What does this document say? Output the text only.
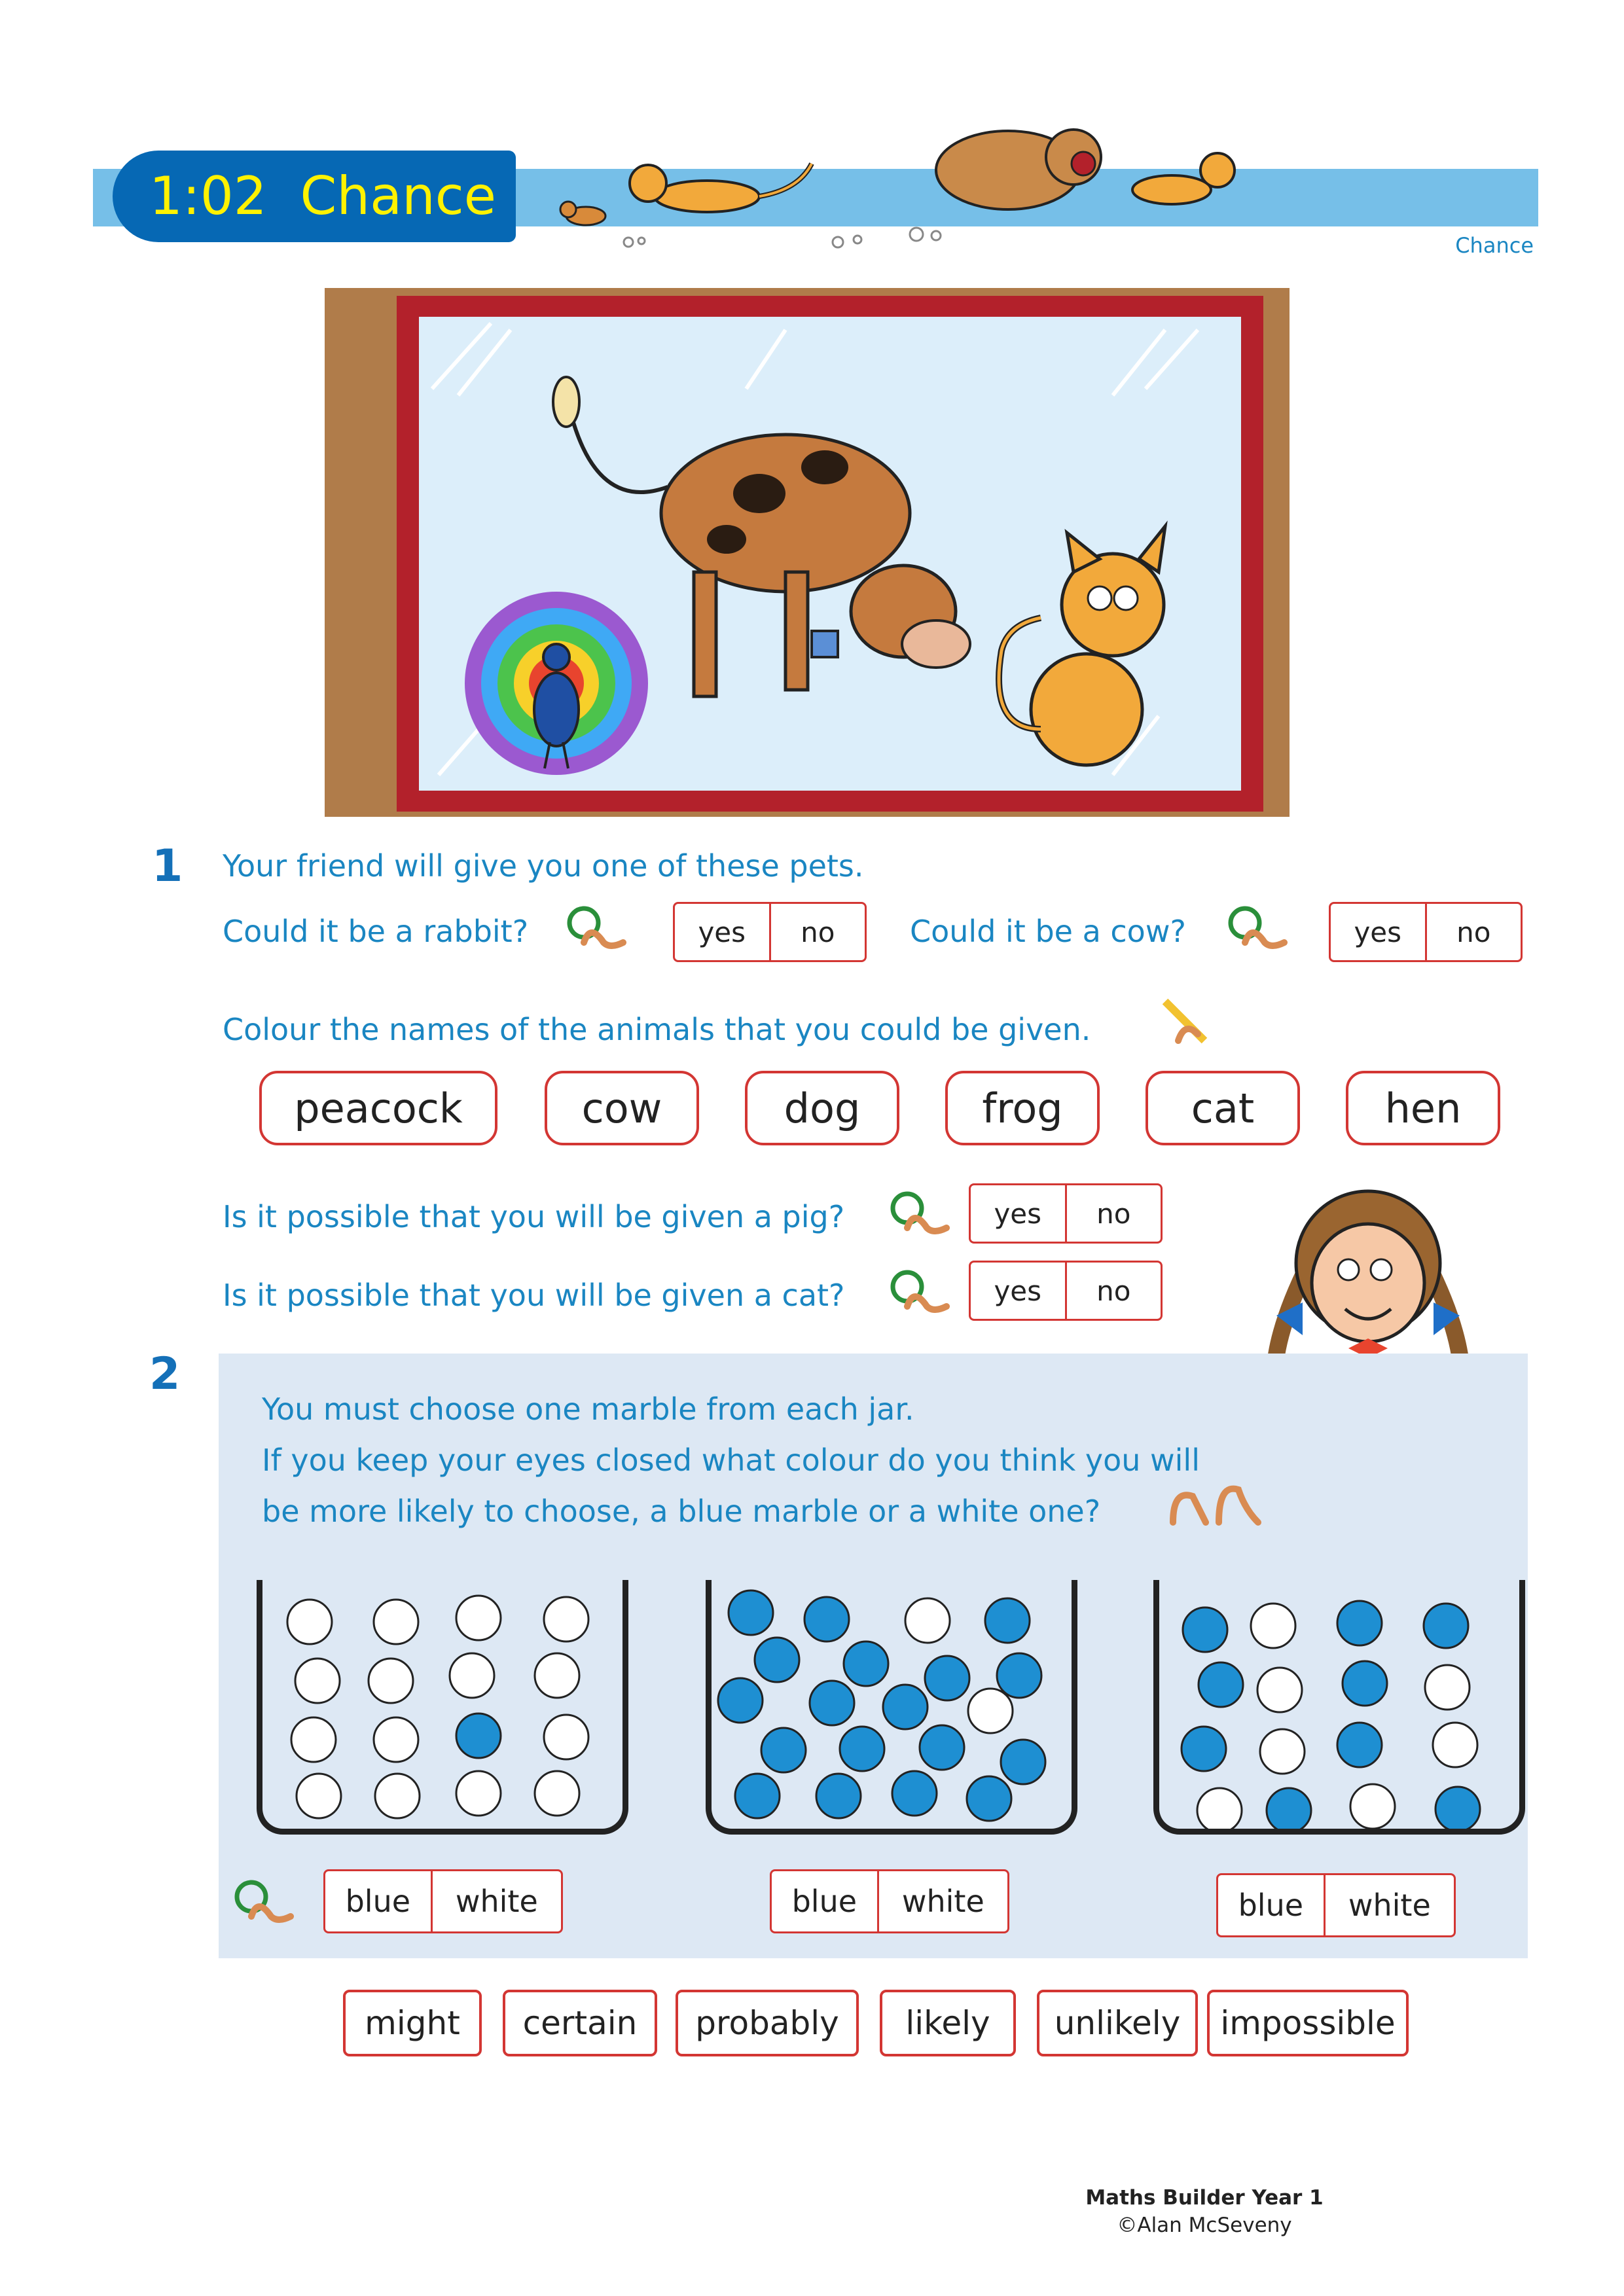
1:02 Chance
Chance
1 Your friend will give you one of these pets.
Could it be a rabbit?	yes	no	Could it be a cow?	yes	no
Colour the names of the animals that you could be given.
peacock	cow	dog	frog	cat	hen
Is it possible that you will be given a pig?	yes	no
Is it possible that you will be given a cat?	yes	no
2
You must choose one marble from each jar.
If you keep your eyes closed what colour do you think you will
be more likely to choose, a blue marble or a white one?
blue	white	blue	white	blue	white
might	certain	probably	likely	unlikely	impossible
Maths Builder Year 1
©Alan McSeveny
